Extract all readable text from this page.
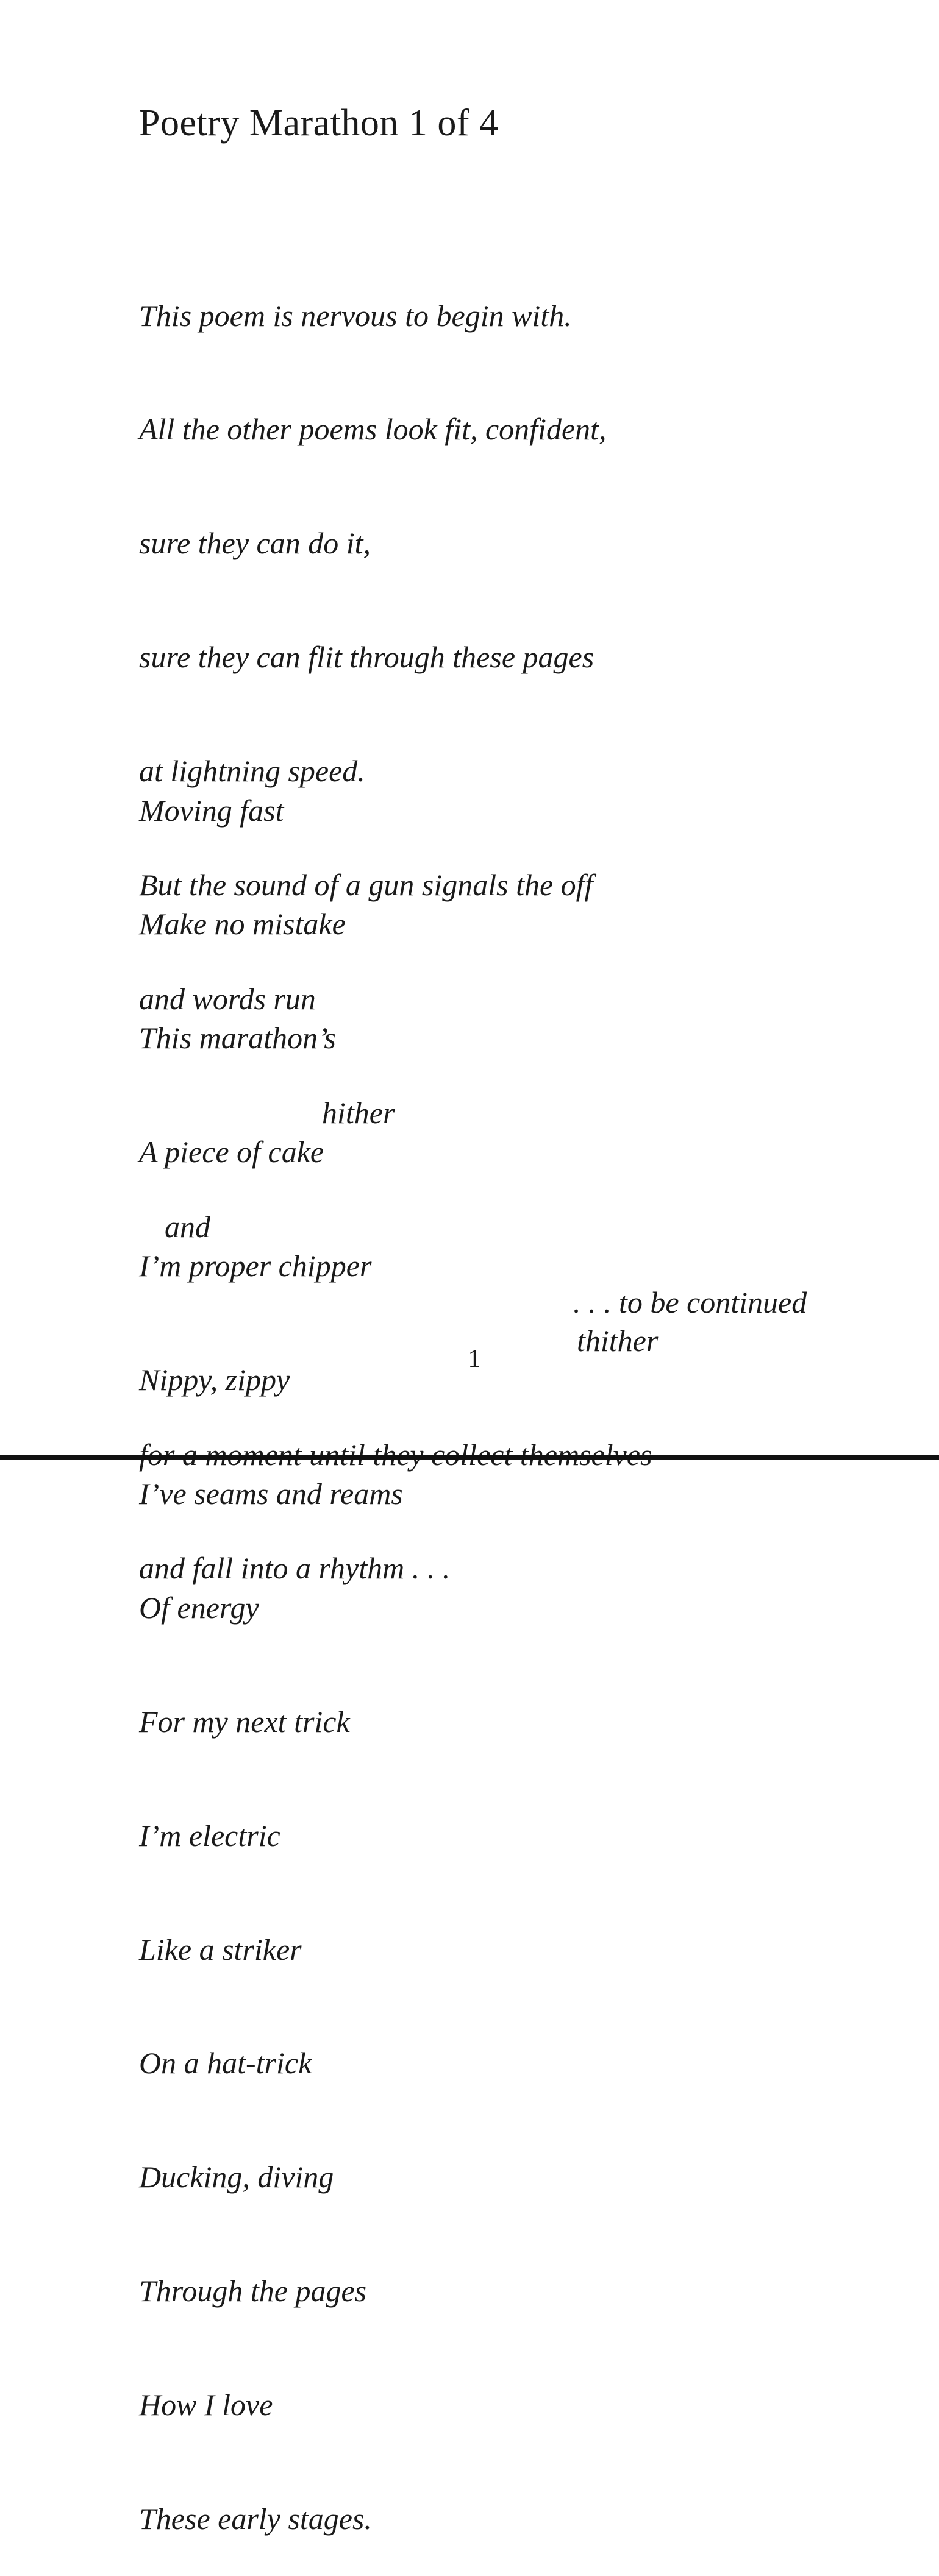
Poetry Marathon 1 of 4

This poem is nervous to begin with.

All the other poems look fit, confident,

sure they can do it,

sure they can flit through these pages

at lightning speed.

But the sound of a gun signals the off

and words run

hither

and

thither

and fall into a rhythm . . .

Moving fast

Make no mistake

This marathon’s

A piece of cake

I’m proper chipper

Nippy, zippy

I’ve seams and reams

Of energy

For my next trick

I’m electric

Like a striker

On a hat-trick

Ducking, diving

Through the pages

How I love

These early stages.

. . . to be continued
1
